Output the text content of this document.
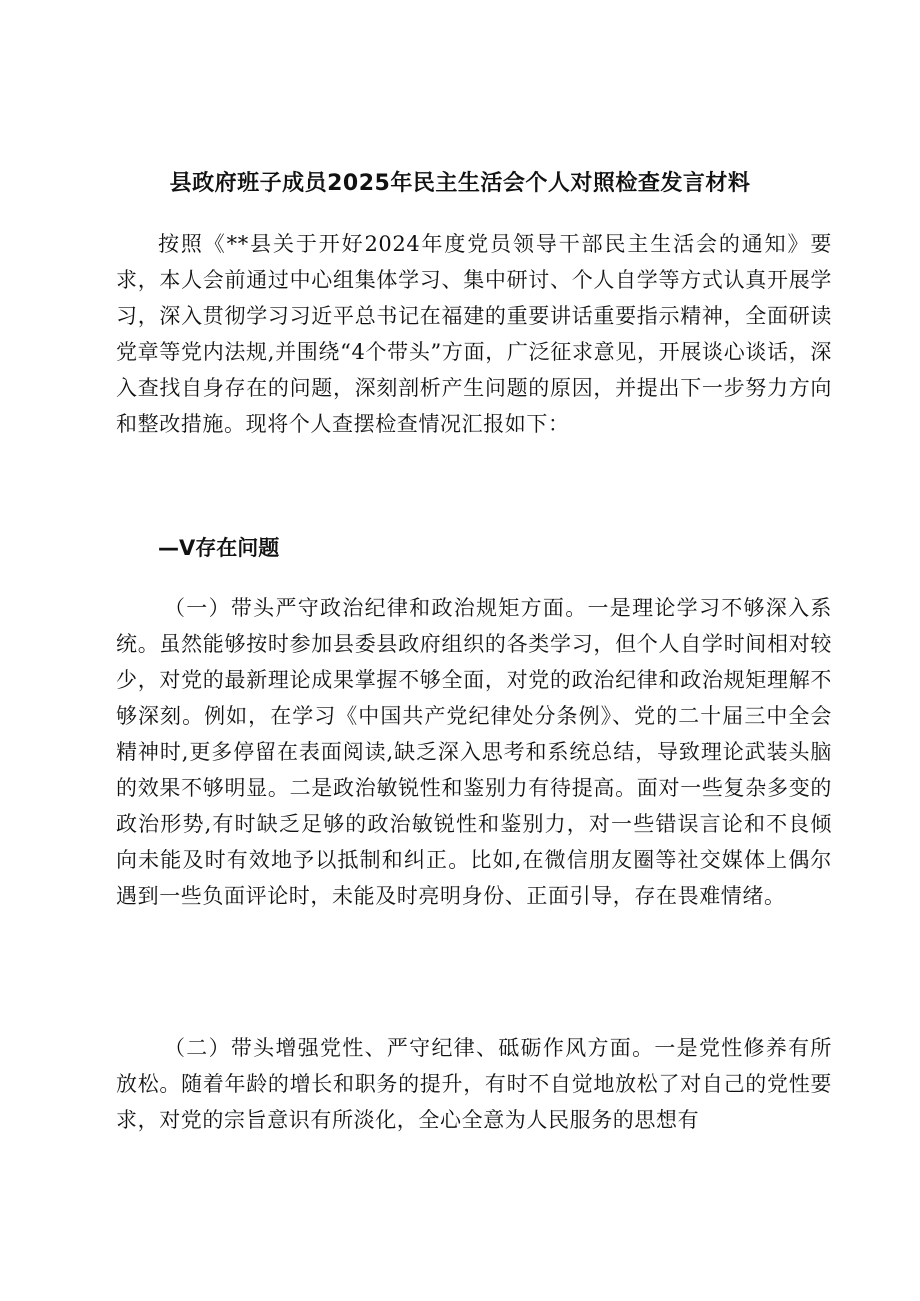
县政府班子成员2025年民主生活会个人对照检查发言材料

按照《**县关于开好2024年度党员领导干部民主生活会的通知》要求，本人会前通过中心组集体学习、集中研讨、个人自学等方式认真开展学习，深入贯彻学习习近平总书记在福建的重要讲话重要指示精神，全面研读党章等党内法规,并围绕“4个带头”方面，广泛征求意见，开展谈心谈话，深入查找自身存在的问题，深刻剖析产生问题的原因，并提出下一步努力方向和整改措施。现将个人查摆检查情况汇报如下：

—V存在问题

（一）带头严守政治纪律和政治规矩方面。一是理论学习不够深入系统。虽然能够按时参加县委县政府组织的各类学习，但个人自学时间相对较少，对党的最新理论成果掌握不够全面，对党的政治纪律和政治规矩理解不够深刻。例如，在学习《中国共产党纪律处分条例》、党的二十届三中全会精神时,更多停留在表面阅读,缺乏深入思考和系统总结，导致理论武装头脑的效果不够明显。二是政治敏锐性和鉴别力有待提高。面对一些复杂多变的政治形势,有时缺乏足够的政治敏锐性和鉴别力，对一些错误言论和不良倾向未能及时有效地予以抵制和纠正。比如,在微信朋友圈等社交媒体上偶尔遇到一些负面评论时，未能及时亮明身份、正面引导，存在畏难情绪。

（二）带头增强党性、严守纪律、砥砺作风方面。一是党性修养有所放松。随着年龄的增长和职务的提升，有时不自觉地放松了对自己的党性要求，对党的宗旨意识有所淡化，全心全意为人民服务的思想有
